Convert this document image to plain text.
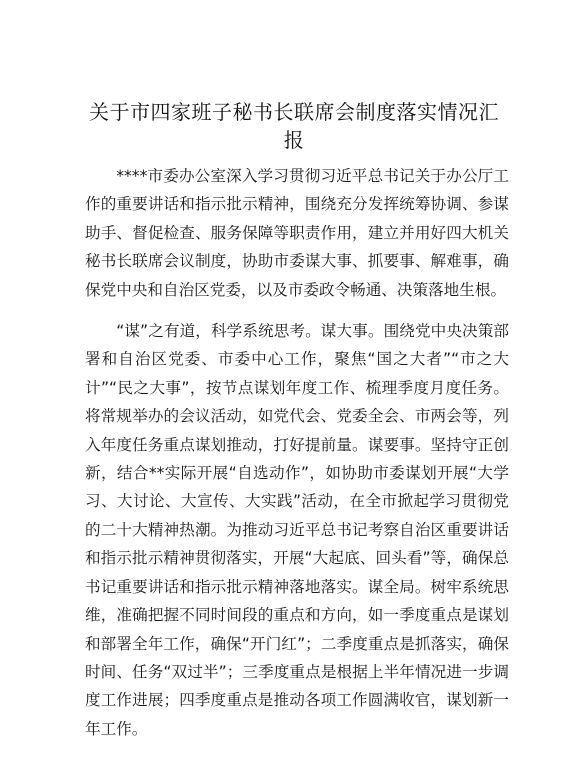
关于市四家班子秘书长联席会制度落实情况汇报

****市委办公室深入学习贯彻习近平总书记关于办公厅工作的重要讲话和指示批示精神，围绕充分发挥统筹协调、参谋助手、督促检查、服务保障等职责作用，建立并用好四大机关秘书长联席会议制度，协助市委谋大事、抓要事、解难事，确保党中央和自治区党委，以及市委政令畅通、决策落地生根。

“谋”之有道，科学系统思考。谋大事。围绕党中央决策部署和自治区党委、市委中心工作，聚焦“国之大者”“市之大计”“民之大事”，按节点谋划年度工作、梳理季度月度任务。将常规举办的会议活动，如党代会、党委全会、市两会等，列入年度任务重点谋划推动，打好提前量。谋要事。坚持守正创新，结合**实际开展“自选动作”，如协助市委谋划开展“大学习、大讨论、大宣传、大实践”活动，在全市掀起学习贯彻党的二十大精神热潮。为推动习近平总书记考察自治区重要讲话和指示批示精神贯彻落实，开展“大起底、回头看”等，确保总书记重要讲话和指示批示精神落地落实。谋全局。树牢系统思维，准确把握不同时间段的重点和方向，如一季度重点是谋划和部署全年工作，确保“开门红”；二季度重点是抓落实，确保时间、任务“双过半”；三季度重点是根据上半年情况进一步调度工作进展；四季度重点是推动各项工作圆满收官，谋划新一年工作。
